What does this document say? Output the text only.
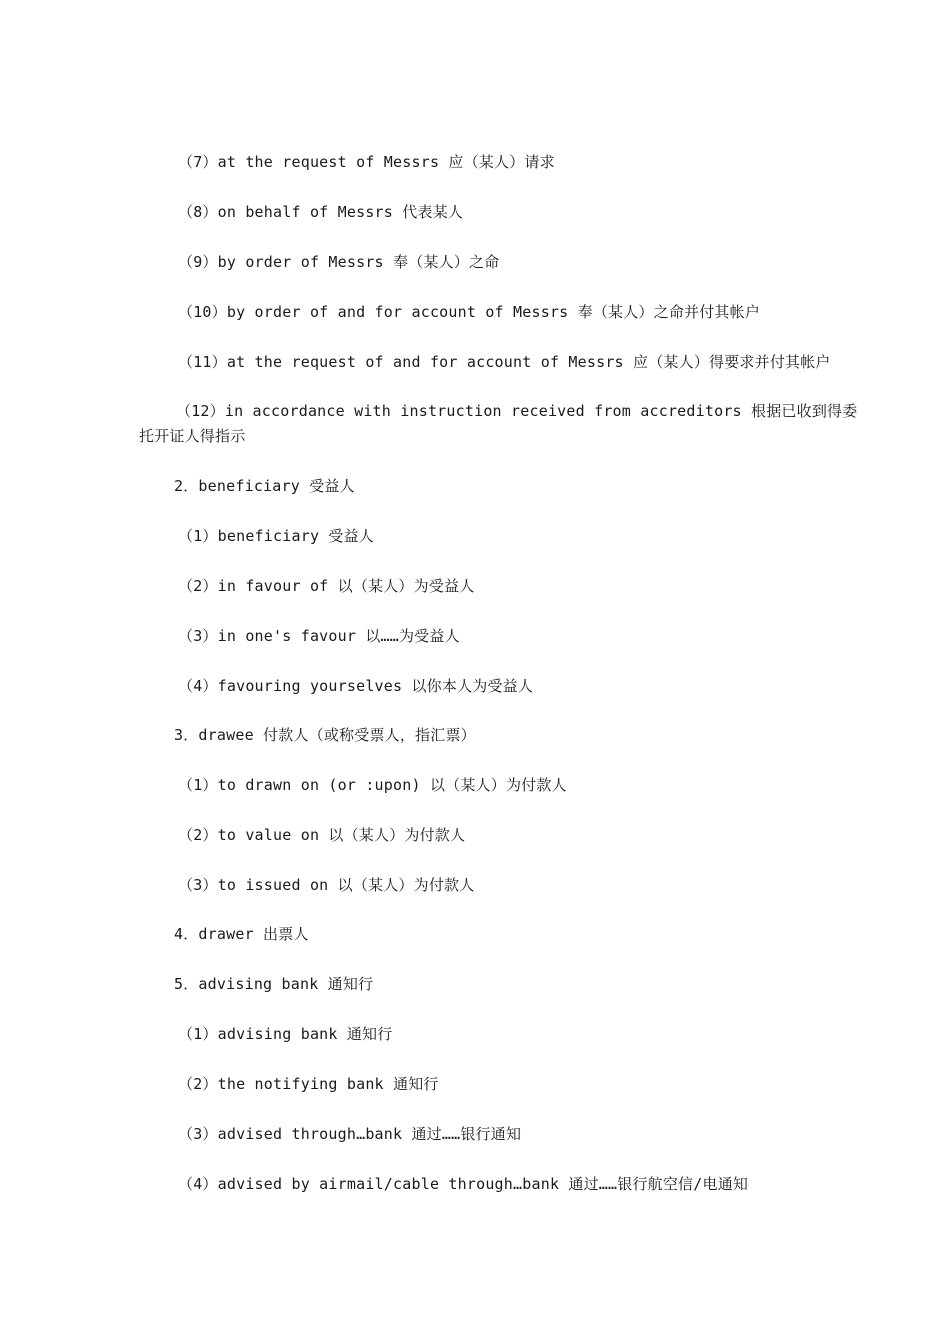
（7）at the request of Messrs 应（某人）请求
（8）on behalf of Messrs 代表某人
（9）by order of Messrs 奉（某人）之命
（10）by order of and for account of Messrs 奉（某人）之命并付其帐户
（11）at the request of and for account of Messrs 应（某人）得要求并付其帐户
（12）in accordance with instruction received from accreditors 根据已收到得委
托开证人得指示
2．beneficiary 受益人
（1）beneficiary 受益人
（2）in favour of 以（某人）为受益人
（3）in one's favour 以……为受益人
（4）favouring yourselves 以你本人为受益人
3．drawee 付款人（或称受票人，指汇票）
（1）to drawn on (or :upon) 以（某人）为付款人
（2）to value on 以（某人）为付款人
（3）to issued on 以（某人）为付款人
4．drawer 出票人
5．advising bank 通知行
（1）advising bank 通知行
（2）the notifying bank 通知行
（3）advised through…bank 通过……银行通知
（4）advised by airmail/cable through…bank 通过……银行航空信/电通知
